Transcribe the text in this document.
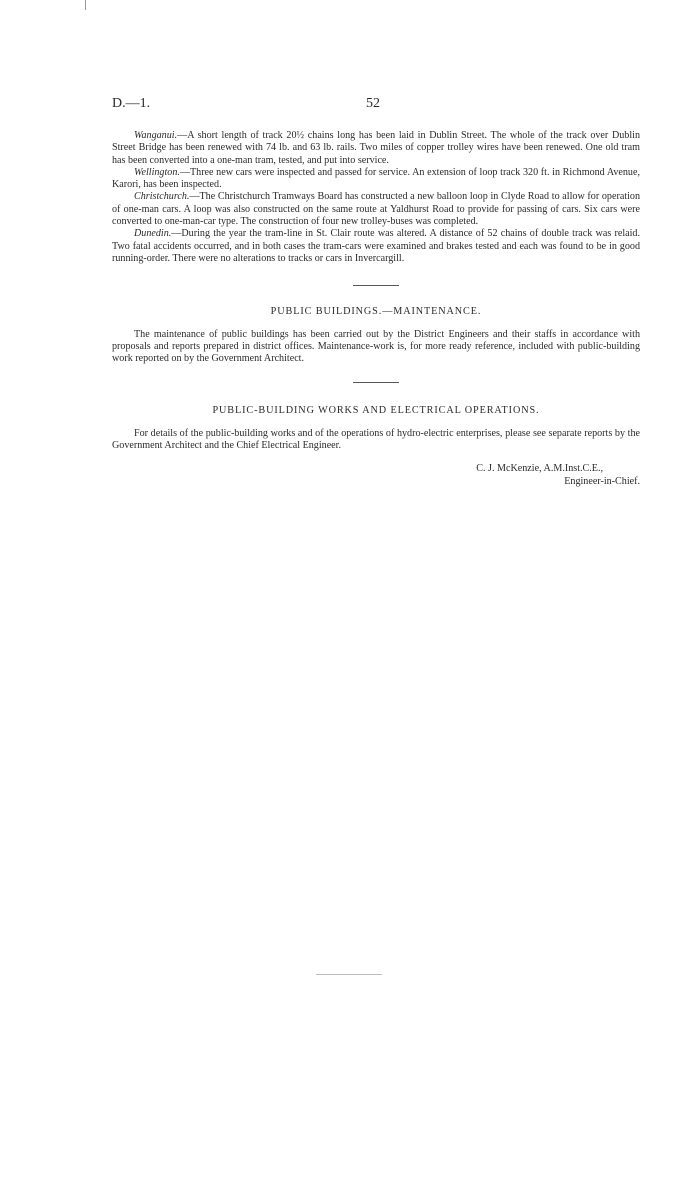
D.—1.	52

Wanganui.—A short length of track 20½ chains long has been laid in Dublin Street. The whole of the track over Dublin Street Bridge has been renewed with 74 lb. and 63 lb. rails. Two miles of copper trolley wires have been renewed. One old tram has been converted into a one-man tram, tested, and put into service.

Wellington.—Three new cars were inspected and passed for service. An extension of loop track 320 ft. in Richmond Avenue, Karori, has been inspected.

Christchurch.—The Christchurch Tramways Board has constructed a new balloon loop in Clyde Road to allow for operation of one-man cars. A loop was also constructed on the same route at Yaldhurst Road to provide for passing of cars. Six cars were converted to one-man-car type. The construction of four new trolley-buses was completed.

Dunedin.—During the year the tram-line in St. Clair route was altered. A distance of 52 chains of double track was relaid. Two fatal accidents occurred, and in both cases the tram-cars were examined and brakes tested and each was found to be in good running-order. There were no alterations to tracks or cars in Invercargill.

PUBLIC BUILDINGS.—MAINTENANCE.

The maintenance of public buildings has been carried out by the District Engineers and their staffs in accordance with proposals and reports prepared in district offices. Maintenance-work is, for more ready reference, included with public-building work reported on by the Government Architect.

PUBLIC-BUILDING WORKS AND ELECTRICAL OPERATIONS.

For details of the public-building works and of the operations of hydro-electric enterprises, please see separate reports by the Government Architect and the Chief Electrical Engineer.

C. J. McKenzie, A.M.Inst.C.E.,
Engineer-in-Chief.
